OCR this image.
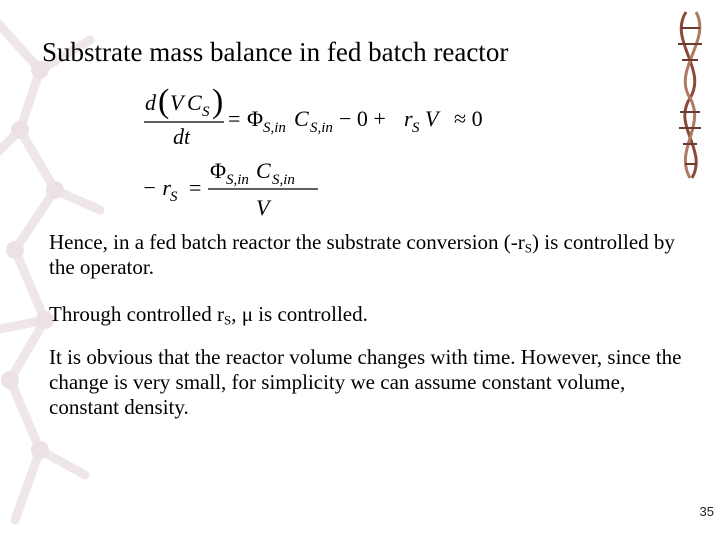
Substrate mass balance in fed batch reactor
d ( V C S )
dt
= Φ S,in C S,in − 0 + r S V ≈ 0
− r S =
Φ S,in C S,in
V
Hence, in a fed batch reactor the substrate conversion $(-r_S)$ is controlled by the operator.
Through controlled $r_S$, μ is controlled.
It is obvious that the reactor volume changes with time. However, since the change is very small, for simplicity we can assume constant volume, constant density.
35
